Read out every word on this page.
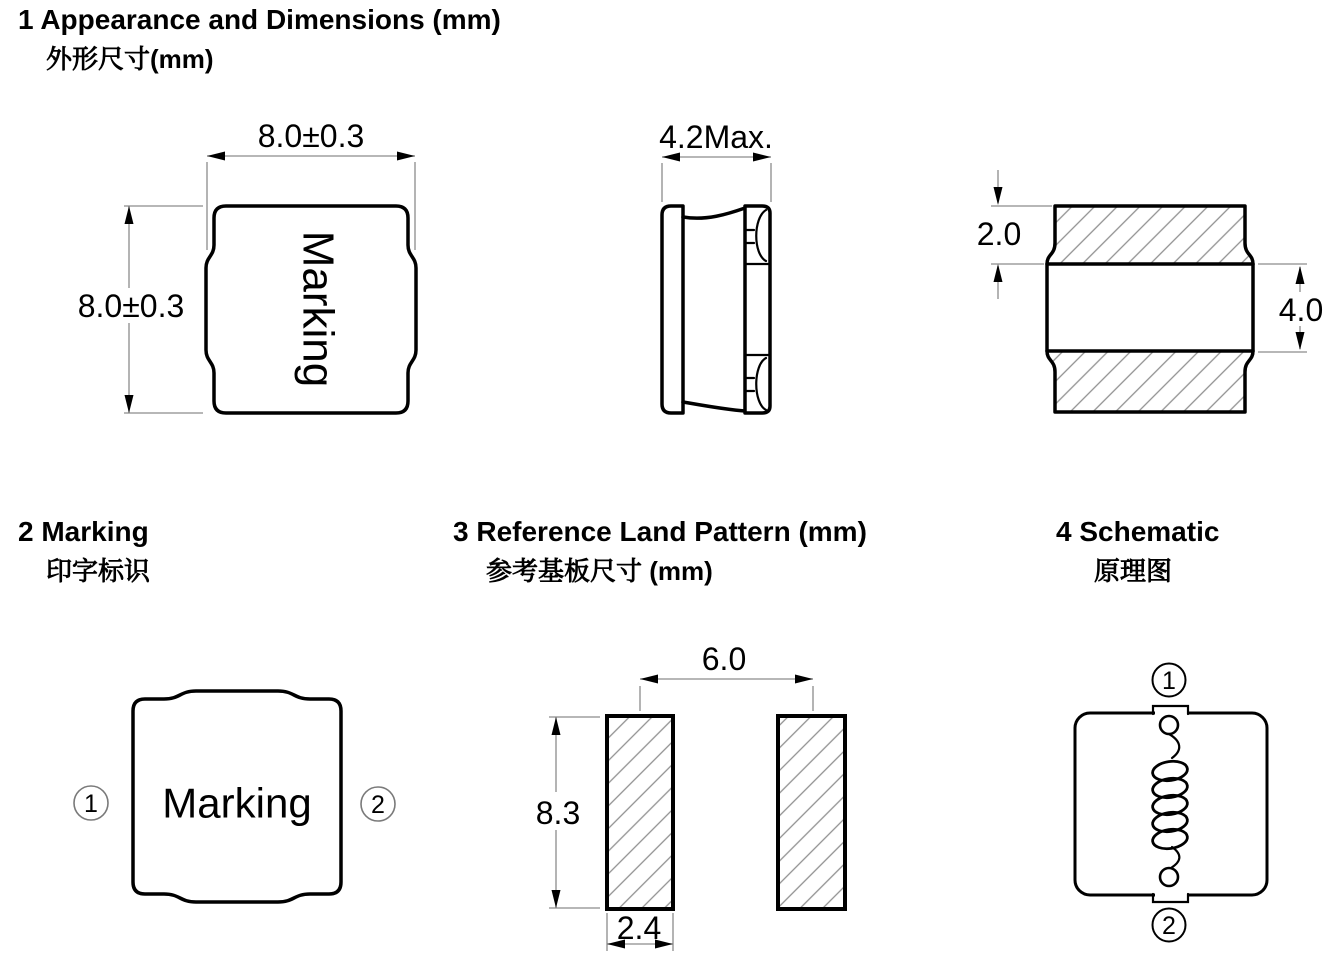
1 Appearance and Dimensions (mm)
外形尺寸(mm)
2 Marking
印字标识
3 Reference Land Pattern (mm)
参考基板尺寸 (mm)
4 Schematic
原理图
Marking
8.0±0.3
8.0±0.3
4.2Max.
2.0
4.0
Marking
1	2
6.0
8.3
2.4
1
2
